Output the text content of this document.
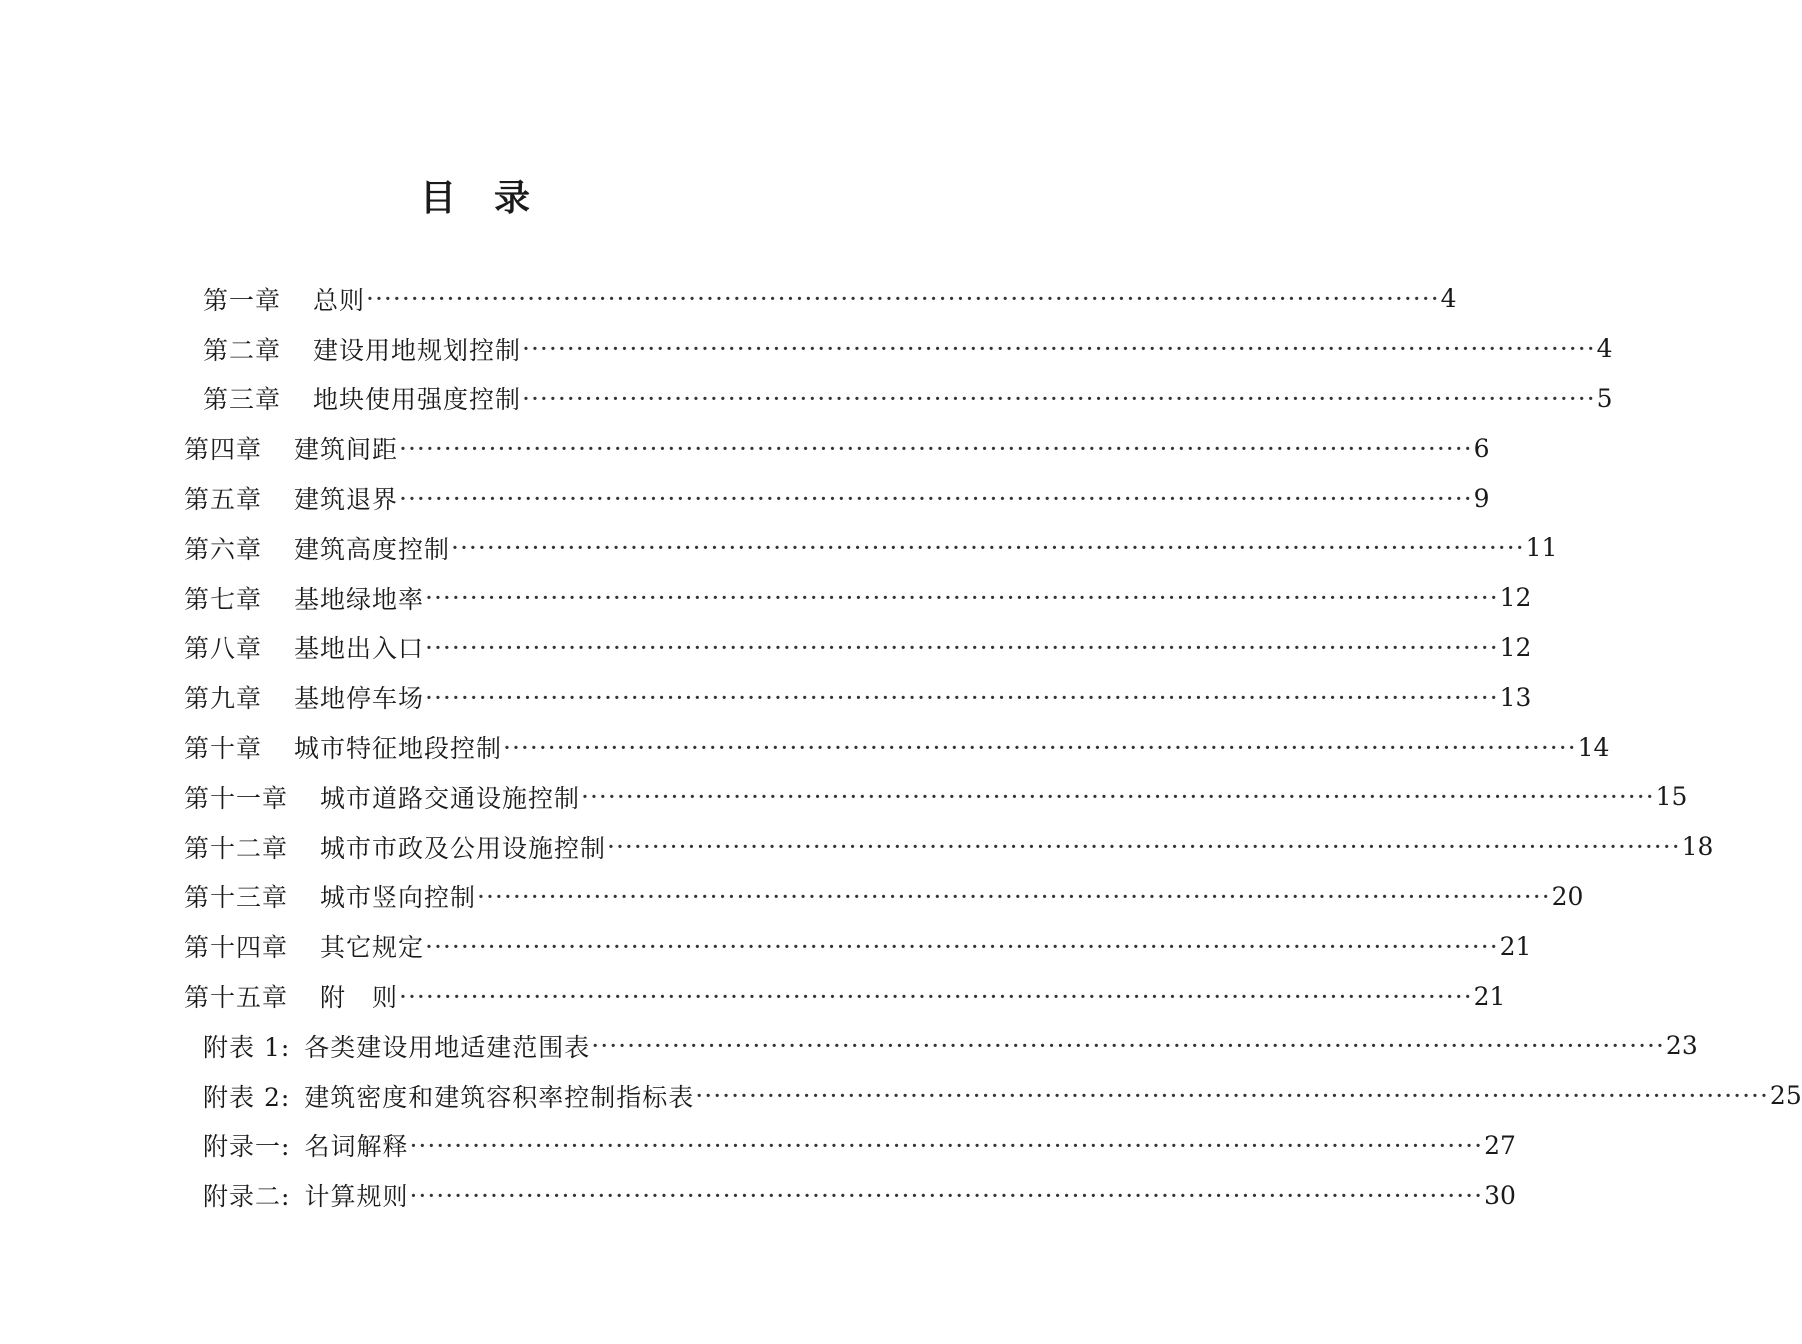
目 录
第一章 总则 ························································································································ 4
第二章 建设用地规划控制 ························································································································ 4
第三章 地块使用强度控制 ························································································································ 5
第四章 建筑间距 ························································································································ 6
第五章 建筑退界 ························································································································ 9
第六章 建筑高度控制 ························································································································ 11
第七章 基地绿地率 ························································································································ 12
第八章 基地出入口 ························································································································ 12
第九章 基地停车场 ························································································································ 13
第十章 城市特征地段控制 ························································································································ 14
第十一章 城市道路交通设施控制 ························································································································ 15
第十二章 城市市政及公用设施控制 ························································································································ 18
第十三章 城市竖向控制 ························································································································ 20
第十四章 其它规定 ························································································································ 21
第十五章 附　则 ························································································································ 21
附表 1: 各类建设用地适建范围表 ························································································································ 23
附表 2: 建筑密度和建筑容积率控制指标表 ························································································································ 25
附录一: 名词解释 ························································································································ 27
附录二: 计算规则 ························································································································ 30
